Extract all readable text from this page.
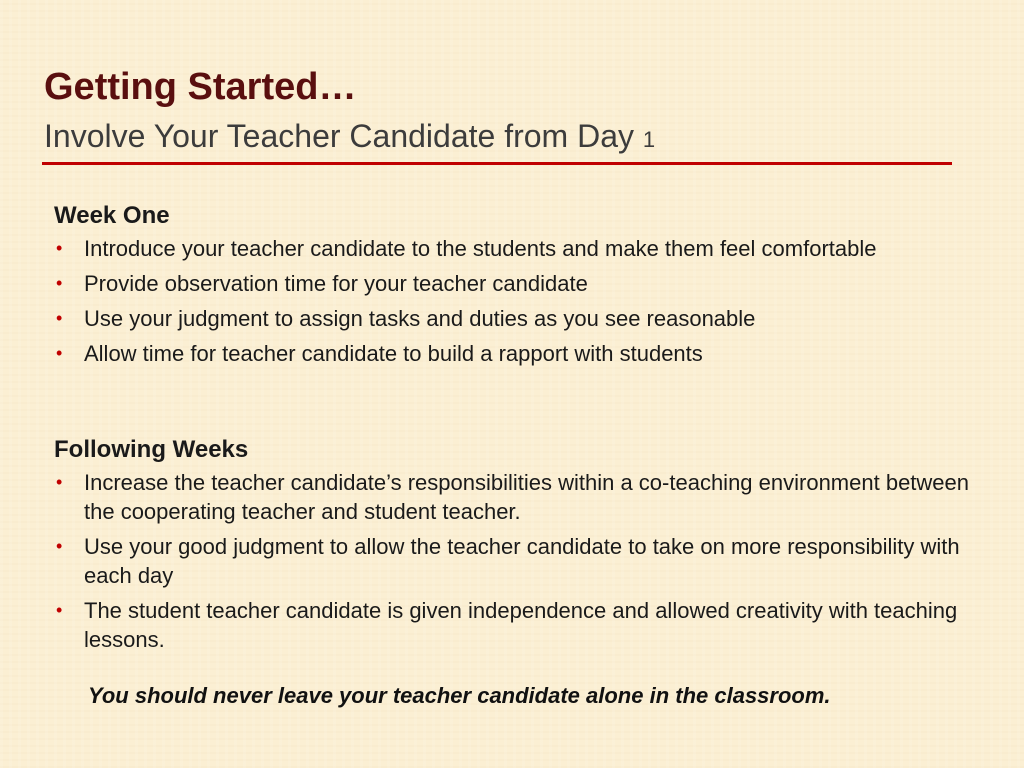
Getting Started…
Involve Your Teacher Candidate from Day 1
Week One
• Introduce your teacher candidate to the students and make them feel comfortable
• Provide observation time for your teacher candidate
• Use your judgment to assign tasks and duties as you see reasonable
• Allow time for teacher candidate to build a rapport with students
Following Weeks
• Increase the teacher candidate’s responsibilities within a co-teaching environment between the cooperating teacher and student teacher.
• Use your good judgment to allow the teacher candidate to take on more responsibility with each day
• The student teacher candidate is given independence and allowed creativity with teaching lessons.
You should never leave your teacher candidate alone in the classroom.
